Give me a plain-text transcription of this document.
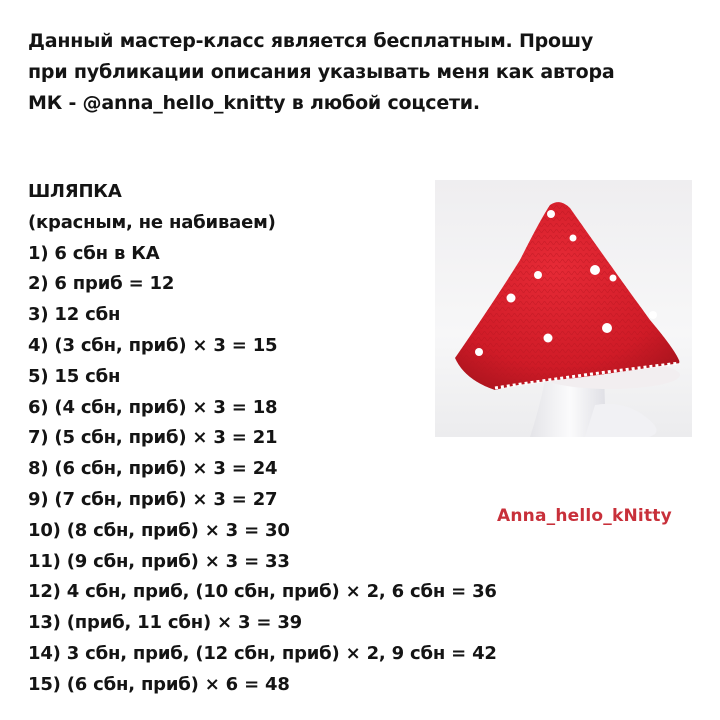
Данный мастер-класс является бесплатным. Прошу
при публикации описания указывать меня как автора
МК - @anna_hello_knitty в любой соцсети.
ШЛЯПКА
(красным, не набиваем)
1) 6 сбн в КА
2) 6 приб = 12
3) 12 сбн
4) (3 сбн, приб) × 3 = 15
5) 15 сбн
6) (4 сбн, приб) × 3 = 18
7) (5 сбн, приб) × 3 = 21
8) (6 сбн, приб) × 3 = 24
9) (7 сбн, приб) × 3 = 27
10) (8 сбн, приб) × 3 = 30
11) (9 сбн, приб) × 3 = 33
12) 4 сбн, приб, (10 сбн, приб) × 2, 6 сбн = 36
13) (приб, 11 сбн) × 3 = 39
14) 3 сбн, приб, (12 сбн, приб) × 2, 9 сбн = 42
15) (6 сбн, приб) × 6 = 48
Anna_hello_kNitty
